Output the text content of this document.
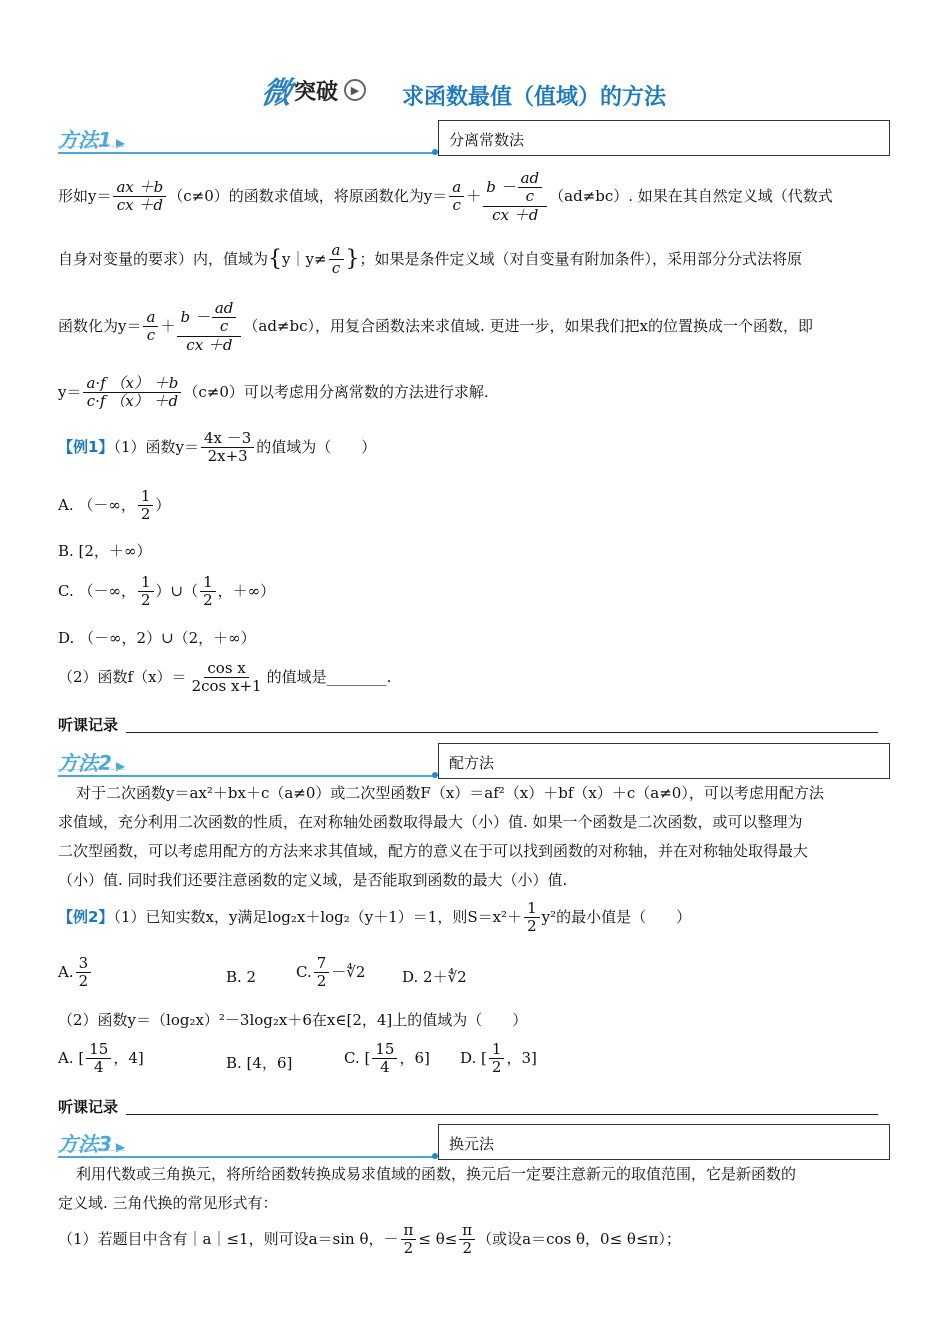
微 突破	▶	求函数最值（值域）的方法
方法1 ▶	分离常数法
形如$y= \frac{ax +b}{cx +d} (c\ne 0)$的函数求值域，将原函数化为$y= \frac{a}{c} + \frac{b - \frac{ad}{c}}{cx +d} (ad\ne bc)$. 如果在其自然定义域（代数式
自身对变量的要求）内，值域为{y｜y≠ $\frac{a}{c}$ }；如果是条件定义域（对自变量有附加条件），采用部分分式法将原
函数化为$y= \frac{a}{c} + \frac{b - \frac{ad}{c}}{cx +d} (ad\ne bc)$，用复合函数法来求值域. 更进一步，如果我们把x的位置换成一个函数，即
$y= \frac{a\cdot f (x) +b}{c\cdot f (x) +d} (c\ne 0)$可以考虑用分离常数的方法进行求解.
【例1】（1）函数$y= \frac{4x -3}{2x+3}$ 的值域为（　　）
A. （－∞， $\frac{1}{2}$ ）
B. [2，＋∞）
C. （－∞， $\frac{1}{2}$ ）∪（ $\frac{1}{2}$ ，＋∞）
D. （－∞，2）∪（2，＋∞）
（2）函数$f(x)= \frac{\text{cos x}}{\text{2cos x+1}}$ 的值域是________.
听课记录
方法2 ▶	配方法
对于二次函数y＝ax²＋bx＋c（a≠0）或二次型函数F（x）＝af²（x）＋bf（x）＋c（a≠0），可以考虑用配方法
求值域，充分利用二次函数的性质，在对称轴处函数取得最大（小）值. 如果一个函数是二次函数，或可以整理为
二次型函数，可以考虑用配方的方法来求其值域，配方的意义在于可以找到函数的对称轴，并在对称轴处取得最大
（小）值. 同时我们还要注意函数的定义域，是否能取到函数的最大（小）值.
【例2】（1）已知实数x，y满足log₂x＋log₂（y＋1）＝1，则$S=x^2+ \frac{1}{2} y^2$的最小值是（　　）
A. $\frac{3}{2}$	B. 2	C. $\frac{7}{2}$ －∜2 D. 2＋∜2
（2）函数y＝（log₂x）²－3log₂x＋6在x∈[2，4]上的值域为（　　）
A. [ $\frac{15}{4}$ ，4]	B. [4，6]	C. [ $\frac{15}{4}$ ，6] D. [ $\frac{1}{2}$ ，3]
听课记录
方法3 ▶	换元法
利用代数或三角换元，将所给函数转换成易求值域的函数，换元后一定要注意新元的取值范围，它是新函数的
定义域. 三角代换的常见形式有：
（1）若题目中含有｜a｜≤1，则可设a＝sin θ，－ $\frac{\pi}{2} \le \theta\le \frac{\pi}{2}$ （或设a＝cos θ，0≤ θ≤π）；
